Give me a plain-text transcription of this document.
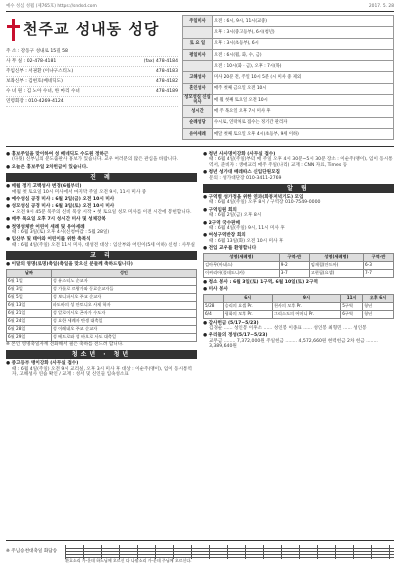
예수 성심 성월 (제765호) https://sndsd.com	2017. 5. 28
천주교 성내동 성당
주 소 : 강동구 성내로 15길 58
사 무 실 : 02-478-4181	(fax) 478-4184
주임신부 : 서권환 (이냐구스티노)	478-4183
보좌신부 : 김현호(베네딕도)	478-4182
수 녀 원 : 김 노아 수녀, 한 마리 수녀	478-4189
연령회장 : 010-4269-4124
주일미사	오전 : 6시, 9시, 11시(교중)
	오후 : 3시(중고등부), 6시(청년)
토 요 일	오후 : 3시(초등부), 6시
평일미사	오전 : 6시(월, 화, 수, 금)
	오전 : 10시(화 · 금), 오후 : 7시(목)
고해성사	미사 20분 전, 주일 10시 5분 (시 미사 중 제외
혼인성사	매주 첫째 금요일 오전 10시
성모성심 신심미사	매 월 첫째 토요일 오전 10시
성시간	매 주 목요일 오후 7시 미사 후
순례성당	수시로, 연락처로 접수는 정기간 관리자
유아세례	매달 첫째 토요일 오후 4시(초등부, 9세 이하)
● 홍보주일을 맞이하여 성 베네딕도 수도원 정하근
(다윗) 신부님의 분도출판사 홍보가 있습니다. 교우 여러분의 많은 관심을 바랍니다.
● 오늘은 홍보주일 2차헌금이 있습니다.
진 례
● 매월 정기 고백성사 변경(6월부터)
매월 첫 토요일 10시 미사에서 마지막 주일 오전 9시, 11시 미사 중
● 예수성심 공경 미사 : 6월 2일(금) 오전 10시 미사
● 성모성심 공경 미사 : 6월 3일(토) 오전 10시 미사
• 오전 9시 45분 묵주의 신비 묵상 시작 • 첫 토요일 성모 미사를 이전 시간에 봉헌합니다.
● 매주 목요일 오후 7시 성시간 미사 및 성체강복
● 첫영성체반 어린이 세례 및 유아세례
때 : 6월 3일(토) 오후 4시(신청마감 : 5월 28일)
● 임산부 및 태아와 어린이를 위한 축복식
때 : 6월 4일(주일) 오전 11시 미사, 대성전 대상 : 임산부와 어린이(5세 이하) 신청 : 사무실
교 리
● 이달의 영명(로명)축일(축일을 맞으신 분들께 축하드립니다)
날짜	성인
6월 1일	성 유스티노 순교자
6월 3일	성 가롤로 르왕가와 동료순교자들
6월 5일	성 보니파시오 주교 순교자
6월 13일	파도바의 성 안토니오 사제 학자
6월 21일	성 알로이시오 곤자가 수도자
6월 24일	성 요한 세례자 탄생 대축일
6월 28일	성 이레네오 주교 순교자
6월 29일	성 베드로와 성 바오로 사도 대축일
※ 본인 영명축일자께 전화해서 필은 축하를 전드려 합니다.
청소년 · 청년
● 중고등부 맹이강화 (사무실 접수)
때 : 6월 4일(주일) 오전 9시 교리실, 오후 3시 미사 후 대상 : 이순주(맹이), 임이 동시통역자, 고해성사 연습 확인 / 교재 : 성서 및 신인들 입속성소표
● 청년 사사명이강화 (사무실 접수)
때 : 6월 4일(주일)부터 매 주일 오후 4시 30분~5시 30분 장소 : 이순주(맹이), 임이 동시통역서, 준비자 : 생애교리 매주 주일(나리) 교재 : CNN 자료, Times 등
● 청년 성가대 베레따스 신입단원모집
문의 : 성가대단장 010-3411-2769
알 림
● 구역별 성가정을 위한 연과(화봉저녁기도) 모임
때 : 6월 4일(주일) 오후 8시 / 구역장 010-7549-0000
● 구역임원 회의
때 : 6월 2일(금) 오후 8시
● 2구역 국수판매
때 : 6월 4일(주일) 9시, 11시 미사 후
● 여성구역반장 회의
때 : 6월 13일(화) 오전 10시 미사 후
● 전입 교우를 환영합니다
성명(세례명)	구역-반	성명(세례명)	구역-반
김아무(아네스)	9-2	임재철(안드아)	6-3
이씨리아(폴데도니카)	3-7	고현필(요셉)	7-7
● 청소 봉사 : 6월 3일(토) 1구역, 6월 10일(토) 2구역
● 미사 봉사
	6시	9시	11시	오후 6시
5/28	승리의 요셉 Pr.	천사의 모후 Pr.	5구역	청년
6/4	평화의 모후 Pr.	그리스도의 어머니 Pr.	6구역	청년
● 감사헌금 (5/17~5/23)
김경순 ...... 성인봉 이후소 ...... 성인봉 이종표 ...... 성인봉 최형민 ...... 성인봉
● 우리들의 정성(5/17~5/23)
교무금 ........ 7,372,000원 주일헌금 ........ 4,572,660원 현력헌금 2차 헌금 ........ 3,389,640원
※ 주님승천대축일 화답송
환호소리 가-운데 하느님께 오르신 다 나팔소리 가-운데 주님께 오르신다.
